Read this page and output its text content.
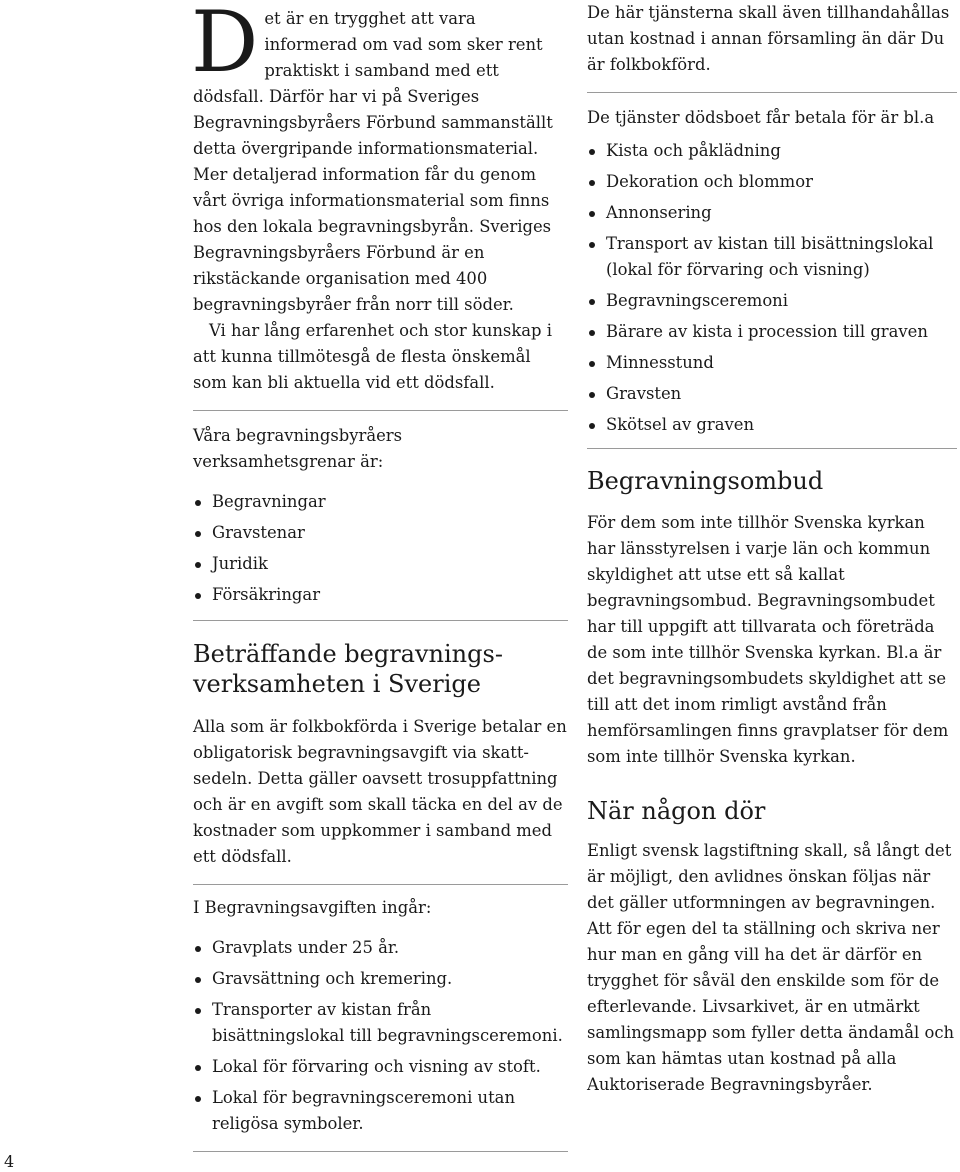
Det är en trygghet att vara informerad om vad som sker rent praktiskt i samband med ett dödsfall. Därför har vi på Sveriges Begravningsbyråers Förbund sammanställt detta övergripande informationsmaterial. Mer detaljerad information får du genom vårt övriga informationsmaterial som finns hos den lokala begravningsbyrån. Sveriges Begravningsbyråers Förbund är en rikstäckande organisation med 400 begravningsbyråer från norr till söder.

Vi har lång erfarenhet och stor kunskap i att kunna tillmötesgå de flesta önskemål som kan bli aktuella vid ett dödsfall.

Våra begravningsbyråers verksamhetsgrenar är:

Begravningar
Gravstenar
Juridik
Försäkringar
Beträffande begravnings-
verksamheten i Sverige

Alla som är folkbokförda i Sverige betalar en obligatorisk begravningsavgift via skattsedeln. Detta gäller oavsett trosuppfattning och är en avgift som skall täcka en del av de kostnader som uppkommer i samband med ett dödsfall.

I Begravningsavgiften ingår:

Gravplats under 25 år.
Gravsättning och kremering.
Transporter av kistan från bisättningslokal till begravningsceremoni.
Lokal för förvaring och visning av stoft.
Lokal för begravningsceremoni utan religösa symboler.

De här tjänsterna skall även tillhandahållas utan kostnad i annan församling än där Du är folkbokförd.

De tjänster dödsboet får betala för är bl.a

Kista och påklädning
Dekoration och blommor
Annonsering
Transport av kistan till bisättningslokal (lokal för förvaring och visning)
Begravningsceremoni
Bärare av kista i procession till graven
Minnesstund
Gravsten
Skötsel av graven
Begravningsombud

För dem som inte tillhör Svenska kyrkan har länsstyrelsen i varje län och kommun skyldighet att utse ett så kallat begravningsombud. Begravningsombudet har till uppgift att tillvarata och företräda de som inte tillhör Svenska kyrkan. Bl.a är det begravningsombudets skyldighet att se till att det inom rimligt avstånd från hemförsamlingen finns gravplatser för dem som inte tillhör Svenska kyrkan.

När någon dör

Enligt svensk lagstiftning skall, så långt det är möjligt, den avlidnes önskan följas när det gäller utformningen av begravningen. Att för egen del ta ställning och skriva ner hur man en gång vill ha det är därför en trygghet för såväl den enskilde som för de efterlevande. Livsarkivet, är en utmärkt samlingsmapp som fyller detta ändamål och som kan hämtas utan kostnad på alla Auktoriserade Begravningsbyråer.

4
